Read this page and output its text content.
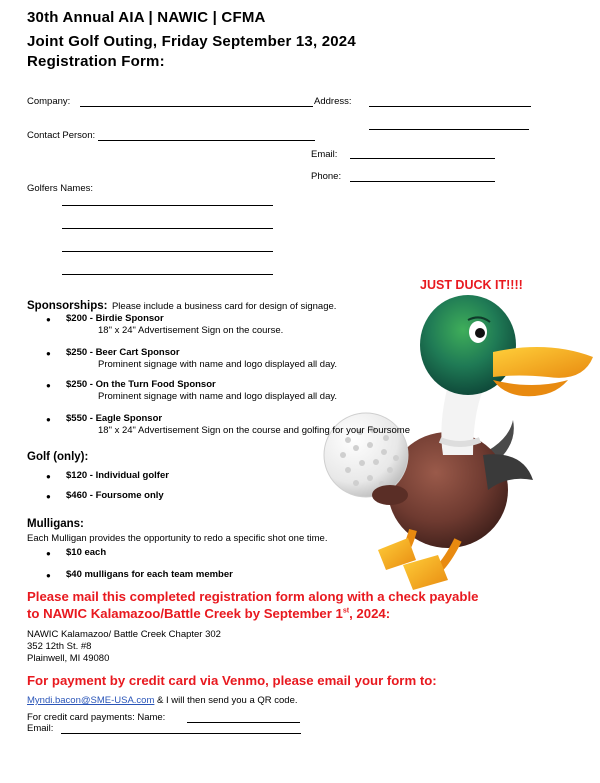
30th Annual AIA | NAWIC | CFMA
Joint Golf Outing, Friday September 13, 2024
Registration Form:
Company:	Address:
Contact Person:
Email:
Phone:
Golfers Names:
JUST DUCK IT!!!!
Sponsorships: Please include a business card for design of signage.
● $200 - Birdie Sponsor
18" x 24" Advertisement Sign on the course.
● $250 - Beer Cart Sponsor
Prominent signage with name and logo displayed all day.
● $250 - On the Turn Food Sponsor
Prominent signage with name and logo displayed all day.
● $550 - Eagle Sponsor
18" x 24" Advertisement Sign on the course and golfing for your Foursome
Golf (only):
● $120 - Individual golfer
● $460 - Foursome only
Mulligans:
Each Mulligan provides the opportunity to redo a specific shot one time.
● $10 each
● $40 mulligans for each team member
Please mail this completed registration form along with a check payable
to NAWIC Kalamazoo/Battle Creek by September 1st, 2024:
NAWIC Kalamazoo/ Battle Creek Chapter 302
352 12th St. #8
Plainwell, MI 49080
For payment by credit card via Venmo, please email your form to:
Myndi.bacon@SME-USA.com & I will then send you a QR code.
For credit card payments: Name:
Email:
